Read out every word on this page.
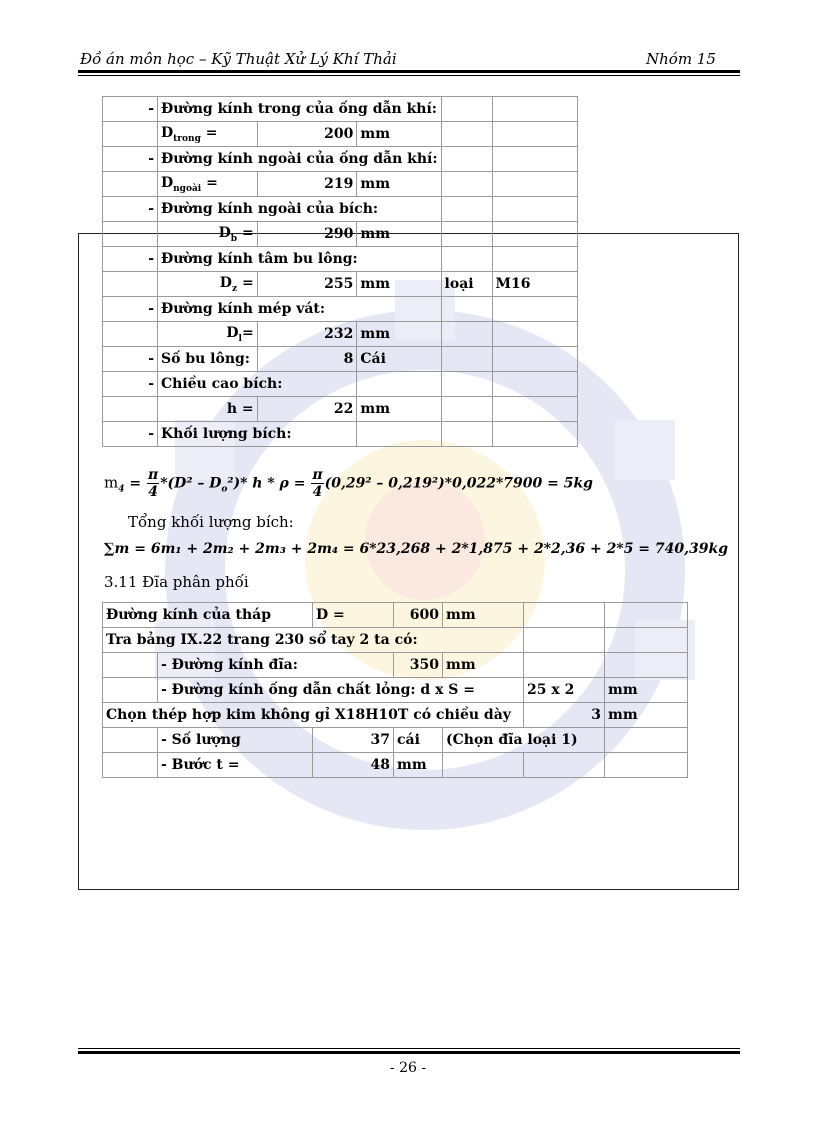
Đồ án môn học – Kỹ Thuật Xử Lý Khí Thải	Nhóm 15
-	Đường kính trong của ống dẫn khí:				
	$D_{trong}$ =	200	mm		
-	Đường kính ngoài của ống dẫn khí:				
	$D_{ngoài}$ =	219	mm		
-	Đường kính ngoài của bích:				
	$D_b$ =	290	mm		
-	Đường kính tâm bu lông:				
	$D_z$ =	255	mm	loại	M16
-	Đường kính mép vát:				
	$D_l=$	232	mm		
-	Số bu lông:	8	Cái		
-	Chiều cao bích:				
	h =	22	mm		
-	Khối lượng bích:				
$m_4 = \frac{\pi}{4} *(D^2 - D_o^2)*$ $h * \rho = \frac{\pi}{4} (0,29^2 - 0,219^2)*0,022*7900 = 5kg$
Tổng khối lượng bích:
∑m = 6m₁ + 2m₂ + 2m₃ + 2m₄ = 6*23,268 + 2*1,875 + 2*2,36 + 2*5 = 740,39kg
3.11 Đĩa phân phối
Đường kính của tháp		D =	600	mm		
Tra bảng IX.22 trang 230 sổ tay 2 ta có:						
	- Đường kính đĩa:		350	mm		
	- Đường kính ống dẫn chất lỏng: d x S =				25 x 2	mm
Chọn thép hợp kim không gỉ X18H10T có chiều dày					3	mm
	- Số lượng	37	cái	(Chọn đĩa loại 1)		
	- Bước t =	48	mm			
- 26 -
